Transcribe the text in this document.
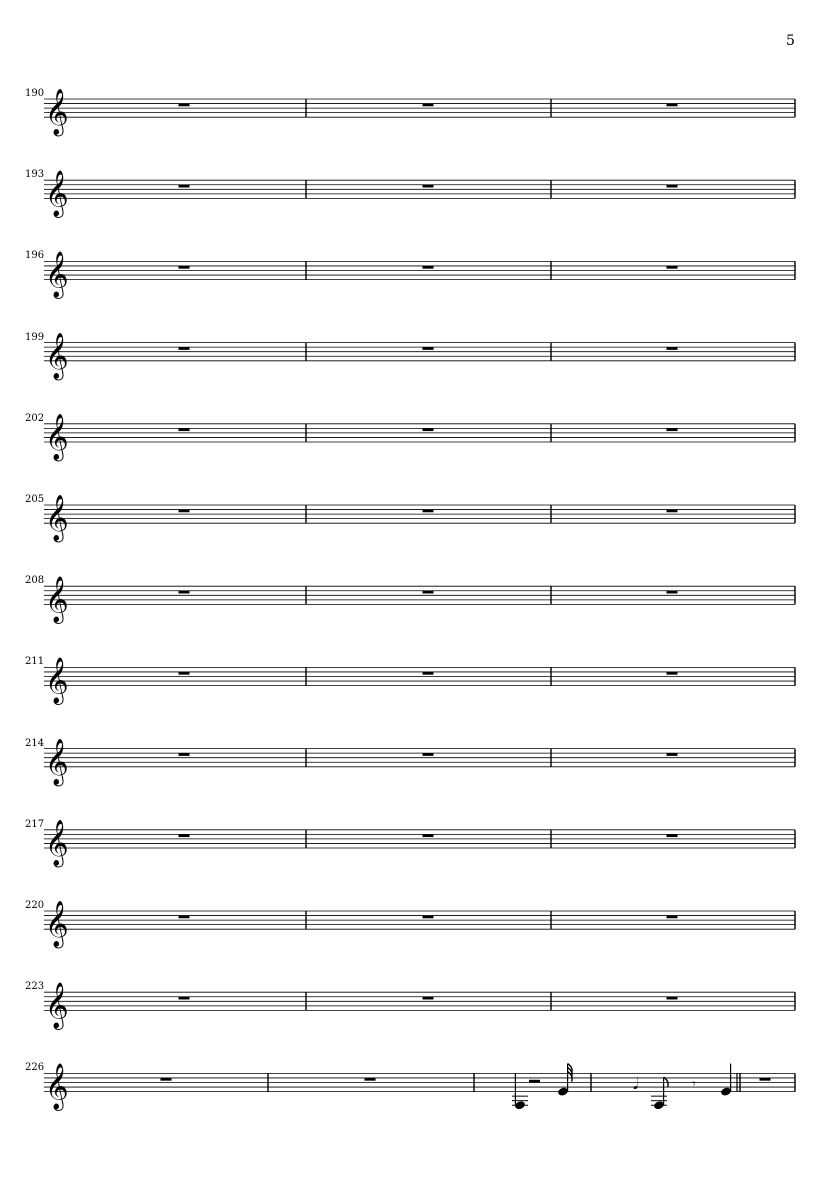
5
190
193
196
199
202
205
208
211
214
217
220
223
226
𝄞
𝄞
𝄞
𝄞
𝄞
𝄞
𝄞
𝄞
𝄞
𝄞
𝄞
𝄞
𝄞	𝅘𝅥	𝄾
